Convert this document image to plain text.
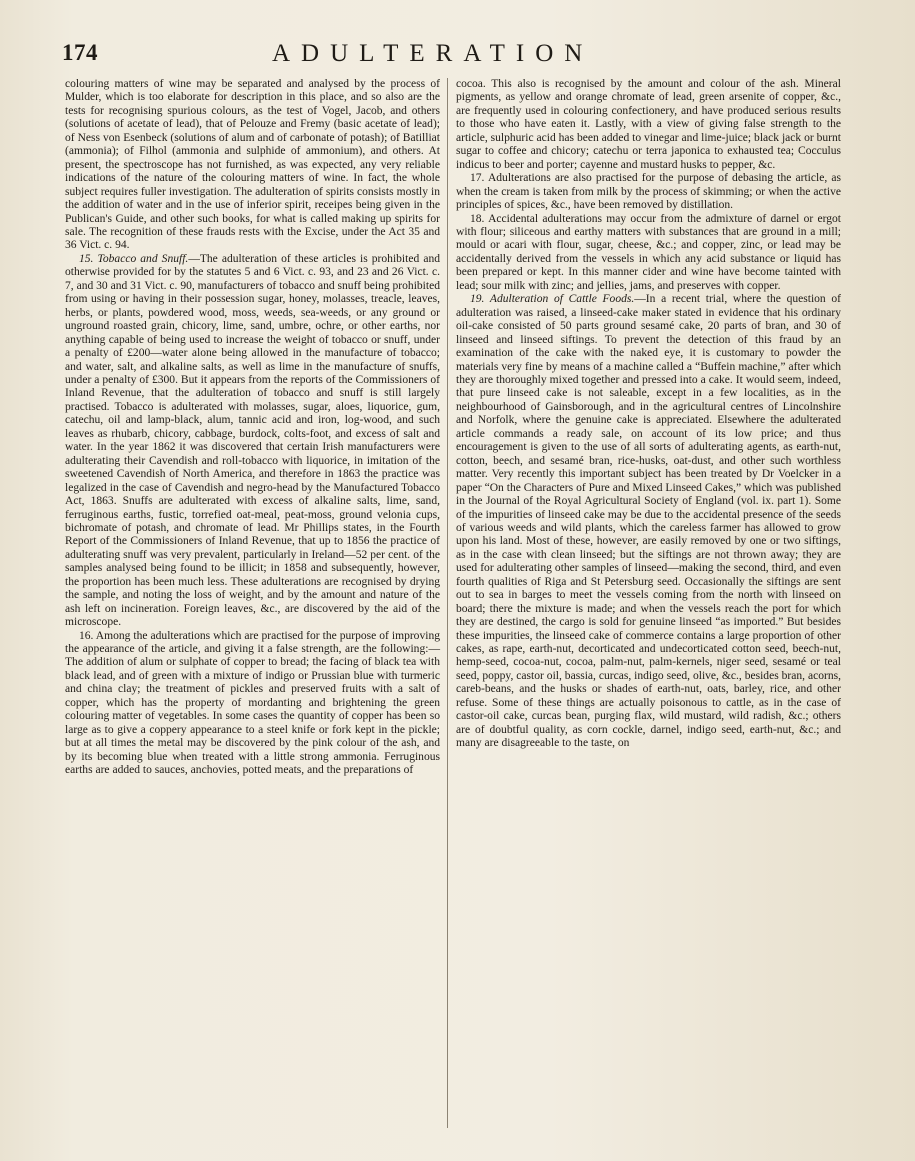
174	ADULTERATION

colouring matters of wine may be separated and analysed by the process of Mulder, which is too elaborate for description in this place, and so also are the tests for recognising spurious colours, as the test of Vogel, Jacob, and others (solutions of acetate of lead), that of Pelouze and Fremy (basic acetate of lead); of Ness von Esenbeck (solutions of alum and of carbonate of potash); of Batilliat (ammonia); of Filhol (ammonia and sulphide of ammonium), and others. At present, the spectroscope has not furnished, as was expected, any very reliable indications of the nature of the colouring matters of wine. In fact, the whole subject requires fuller investigation. The adulteration of spirits consists mostly in the addition of water and in the use of inferior spirit, receipes being given in the Publican's Guide, and other such books, for what is called making up spirits for sale. The recognition of these frauds rests with the Excise, under the Act 35 and 36 Vict. c. 94.

15. Tobacco and Snuff.—The adulteration of these articles is prohibited and otherwise provided for by the statutes 5 and 6 Vict. c. 93, and 23 and 26 Vict. c. 7, and 30 and 31 Vict. c. 90, manufacturers of tobacco and snuff being prohibited from using or having in their possession sugar, honey, molasses, treacle, leaves, herbs, or plants, powdered wood, moss, weeds, sea-weeds, or any ground or unground roasted grain, chicory, lime, sand, umbre, ochre, or other earths, nor anything capable of being used to increase the weight of tobacco or snuff, under a penalty of £200—water alone being allowed in the manufacture of tobacco; and water, salt, and alkaline salts, as well as lime in the manufacture of snuffs, under a penalty of £300. But it appears from the reports of the Commissioners of Inland Revenue, that the adulteration of tobacco and snuff is still largely practised. Tobacco is adulterated with molasses, sugar, aloes, liquorice, gum, catechu, oil and lamp-black, alum, tannic acid and iron, log-wood, and such leaves as rhubarb, chicory, cabbage, burdock, colts-foot, and excess of salt and water. In the year 1862 it was discovered that certain Irish manufacturers were adulterating their Cavendish and roll-tobacco with liquorice, in imitation of the sweetened Cavendish of North America, and therefore in 1863 the practice was legalized in the case of Cavendish and negro-head by the Manufactured Tobacco Act, 1863. Snuffs are adulterated with excess of alkaline salts, lime, sand, ferruginous earths, fustic, torrefied oat-meal, peat-moss, ground velonia cups, bichromate of potash, and chromate of lead. Mr Phillips states, in the Fourth Report of the Commissioners of Inland Revenue, that up to 1856 the practice of adulterating snuff was very prevalent, particularly in Ireland—52 per cent. of the samples analysed being found to be illicit; in 1858 and subsequently, however, the proportion has been much less. These adulterations are recognised by drying the sample, and noting the loss of weight, and by the amount and nature of the ash left on incineration. Foreign leaves, &c., are discovered by the aid of the microscope.

16. Among the adulterations which are practised for the purpose of improving the appearance of the article, and giving it a false strength, are the following:—The addition of alum or sulphate of copper to bread; the facing of black tea with black lead, and of green with a mixture of indigo or Prussian blue with turmeric and china clay; the treatment of pickles and preserved fruits with a salt of copper, which has the property of mordanting and brightening the green colouring matter of vegetables. In some cases the quantity of copper has been so large as to give a coppery appearance to a steel knife or fork kept in the pickle; but at all times the metal may be discovered by the pink colour of the ash, and by its becoming blue when treated with a little strong ammonia. Ferruginous earths are added to sauces, anchovies, potted meats, and the preparations of

cocoa. This also is recognised by the amount and colour of the ash. Mineral pigments, as yellow and orange chromate of lead, green arsenite of copper, &c., are frequently used in colouring confectionery, and have produced serious results to those who have eaten it. Lastly, with a view of giving false strength to the article, sulphuric acid has been added to vinegar and lime-juice; black jack or burnt sugar to coffee and chicory; catechu or terra japonica to exhausted tea; Cocculus indicus to beer and porter; cayenne and mustard husks to pepper, &c.

17. Adulterations are also practised for the purpose of debasing the article, as when the cream is taken from milk by the process of skimming; or when the active principles of spices, &c., have been removed by distillation.

18. Accidental adulterations may occur from the admixture of darnel or ergot with flour; siliceous and earthy matters with substances that are ground in a mill; mould or acari with flour, sugar, cheese, &c.; and copper, zinc, or lead may be accidentally derived from the vessels in which any acid substance or liquid has been prepared or kept. In this manner cider and wine have become tainted with lead; sour milk with zinc; and jellies, jams, and preserves with copper.

19. Adulteration of Cattle Foods.—In a recent trial, where the question of adulteration was raised, a linseed-cake maker stated in evidence that his ordinary oil-cake consisted of 50 parts ground sesamé cake, 20 parts of bran, and 30 of linseed and linseed siftings. To prevent the detection of this fraud by an examination of the cake with the naked eye, it is customary to powder the materials very fine by means of a machine called a “Buffein machine,” after which they are thoroughly mixed together and pressed into a cake. It would seem, indeed, that pure linseed cake is not saleable, except in a few localities, as in the neighbourhood of Gainsborough, and in the agricultural centres of Lincolnshire and Norfolk, where the genuine cake is appreciated. Elsewhere the adulterated article commands a ready sale, on account of its low price; and thus encouragement is given to the use of all sorts of adulterating agents, as earth-nut, cotton, beech, and sesamé bran, rice-husks, oat-dust, and other such worthless matter. Very recently this important subject has been treated by Dr Voelcker in a paper “On the Characters of Pure and Mixed Linseed Cakes,” which was published in the Journal of the Royal Agricultural Society of England (vol. ix. part 1). Some of the impurities of linseed cake may be due to the accidental presence of the seeds of various weeds and wild plants, which the careless farmer has allowed to grow upon his land. Most of these, however, are easily removed by one or two siftings, as in the case with clean linseed; but the siftings are not thrown away; they are used for adulterating other samples of linseed—making the second, third, and even fourth qualities of Riga and St Petersburg seed. Occasionally the siftings are sent out to sea in barges to meet the vessels coming from the north with linseed on board; there the mixture is made; and when the vessels reach the port for which they are destined, the cargo is sold for genuine linseed “as imported.” But besides these impurities, the linseed cake of commerce contains a large proportion of other cakes, as rape, earth-nut, decorticated and undecorticated cotton seed, beech-nut, hemp-seed, cocoa-nut, cocoa, palm-nut, palm-kernels, niger seed, sesamé or teal seed, poppy, castor oil, bassia, curcas, indigo seed, olive, &c., besides bran, acorns, careb-beans, and the husks or shades of earth-nut, oats, barley, rice, and other refuse. Some of these things are actually poisonous to cattle, as in the case of castor-oil cake, curcas bean, purging flax, wild mustard, wild radish, &c.; others are of doubtful quality, as corn cockle, darnel, indigo seed, earth-nut, &c.; and many are disagreeable to the taste, on
